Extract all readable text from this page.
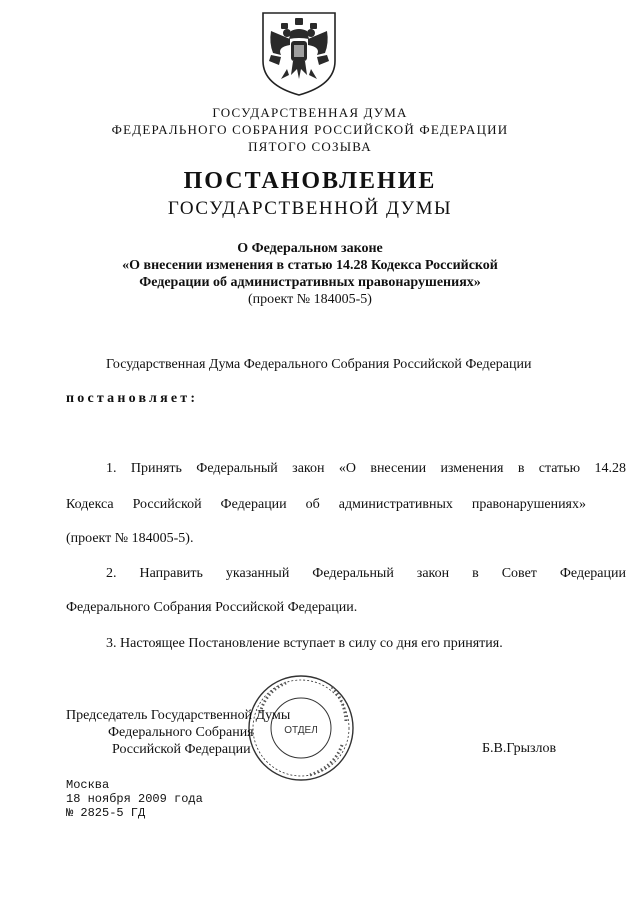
ГОСУДАРСТВЕННАЯ ДУМА
ФЕДЕРАЛЬНОГО СОБРАНИЯ РОССИЙСКОЙ ФЕДЕРАЦИИ
ПЯТОГО СОЗЫВА
ПОСТАНОВЛЕНИЕ
ГОСУДАРСТВЕННОЙ ДУМЫ
О Федеральном законе
«О внесении изменения в статью 14.28 Кодекса Российской
Федерации об административных правонарушениях»
(проект № 184005-5)
Государственная Дума Федерального Собрания Российской Федерации
постановляет:
1. Принять Федеральный закон «О внесении изменения в статью 14.28
Кодекса Российской Федерации об административных правонарушениях»
(проект № 184005-5).
2. Направить указанный Федеральный закон в Совет Федерации
Федерального Собрания Российской Федерации.
3. Настоящее Постановление вступает в силу со дня его принятия.
ОТДЕЛ
Председатель Государственной Думы
Федерального Собрания
Российской Федерации	Б.В.Грызлов
Москва
18 ноября 2009 года
№ 2825-5 ГД
